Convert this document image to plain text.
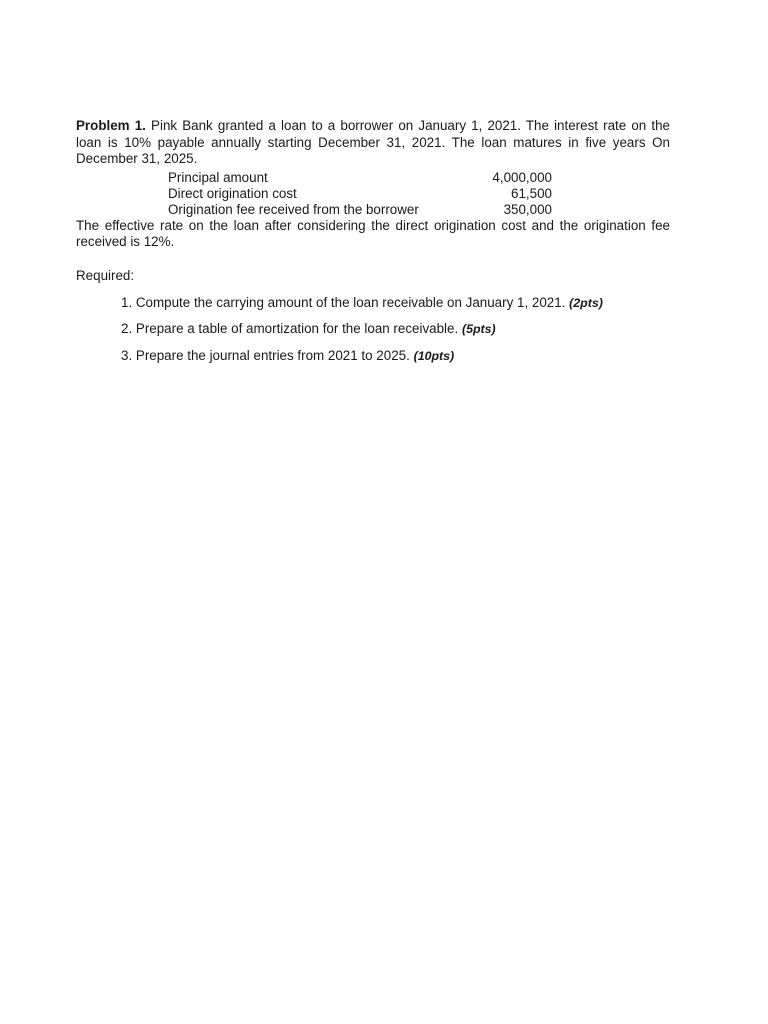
Problem 1. Pink Bank granted a loan to a borrower on January 1, 2021. The interest rate on the loan is 10% payable annually starting December 31, 2021. The loan matures in five years On December 31, 2025.

Principal amount	4,000,000
Direct origination cost	61,500
Origination fee received from the borrower	350,000

The effective rate on the loan after considering the direct origination cost and the origination fee received is 12%.

Required:

1. Compute the carrying amount of the loan receivable on January 1, 2021. (2pts)
2. Prepare a table of amortization for the loan receivable. (5pts)
3. Prepare the journal entries from 2021 to 2025. (10pts)
